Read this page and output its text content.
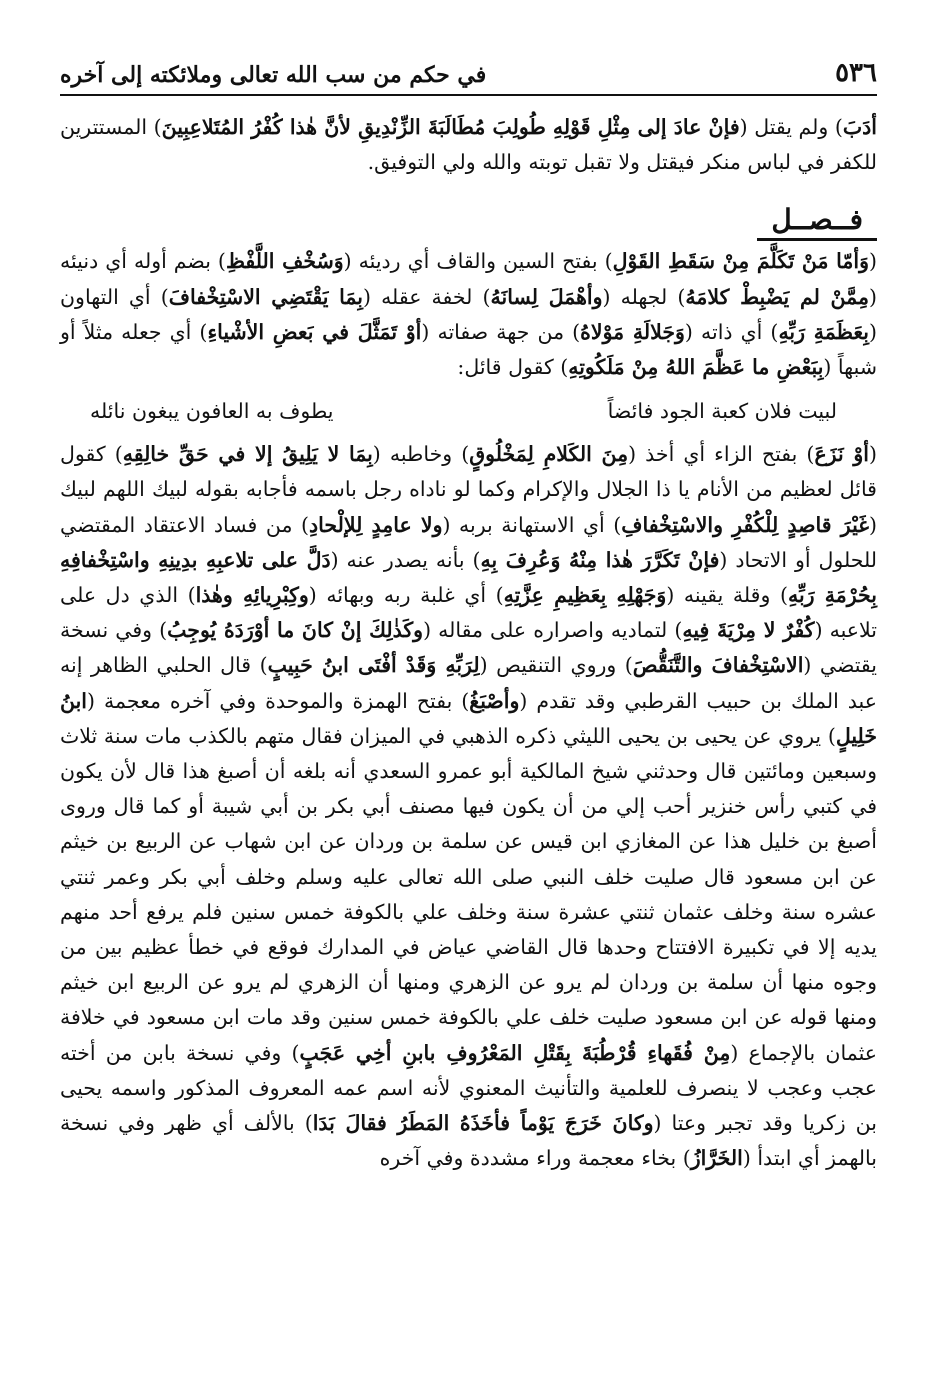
٥٣٦
في حكم من سب الله تعالى وملائكته إلى آخره

أدَبَ) ولم يقتل (فإنْ عادَ إلى مِثْلِ قَوْلِهِ طُولِبَ مُطَالَبَةَ الزِّنْدِيقِ لأنَّ هٰذا كُفْرُ المُتَلاعِبِينَ) المستترين للكفر في لباس منكر فيقتل ولا تقبل توبته والله ولي التوفيق.

فــصــل

(وَأمّا مَنْ تَكَلَّمَ مِنْ سَقَطِ القَوْلِ) بفتح السين والقاف أي رديئه (وَسُخْفِ اللَّفْظِ) بضم أوله أي دنيئه (مِمَّنْ لم يَضْبِطْ كلامَهُ) لجهله (وأهْمَلَ لِسانَهُ) لخفة عقله (بِمَا يَقْتَضِي الاسْتِخْفافَ) أي التهاون (بِعَظَمَةِ رَبِّهِ) أي ذاته (وَجَلالَةِ مَوْلاهُ) من جهة صفاته (أوْ تَمَثَّلَ في بَعضِ الأشْياءِ) أي جعله مثلاً أو شبهاً (بِبَعْضِ ما عَظَّمَ اللهُ مِنْ مَلَكُوتِهِ) كقول قائل:

لبيت فلان كعبة الجود فائضاً
يطوف به العافون يبغون نائله

(أوْ نَزَعَ) بفتح الزاء أي أخذ (مِنَ الكَلامِ لِمَخْلُوقٍ) وخاطبه (بِمَا لا يَلِيقُ إلا في حَقِّ خالِقِهِ) كقول قائل لعظيم من الأنام يا ذا الجلال والإكرام وكما لو ناداه رجل باسمه فأجابه بقوله لبيك اللهم لبيك (غَيْرَ قاصِدٍ لِلْكُفْرِ والاسْتِخْفافِ) أي الاستهانة بربه (ولا عامِدٍ لِلإلْحادِ) من فساد الاعتقاد المقتضي للحلول أو الاتحاد (فإنْ تَكَرَّرَ هٰذا مِنْهُ وَعُرِفَ بِهِ) بأنه يصدر عنه (دَلَّ على تلاعبِهِ بدِينِهِ واسْتِخْفافِهِ بِحُرْمَةِ رَبِّهِ) وقلة يقينه (وَجَهْلِهِ بِعَظِيمِ عِزَّتِهِ) أي غلبة ربه وبهائه (وكِبْرِيائِهِ وهٰذا) الذي دل على تلاعبه (كُفْرٌ لا مِرْيَةَ فِيهِ) لتماديه واصراره على مقاله (وكَذٰلِكَ إنْ كانَ ما أوْرَدَهُ يُوجِبُ) وفي نسخة يقتضي (الاسْتِخْفافَ والتَّنَقُّصَ) وروي التنقيص (لِرَبِّهِ وَقَدْ أفْتَى ابنُ حَبِيبٍ) قال الحلبي الظاهر إنه عبد الملك بن حبيب القرطبي وقد تقدم (وأصْبَغُ) بفتح الهمزة والموحدة وفي آخره معجمة (ابنُ خَلِيلٍ) يروي عن يحيى بن يحيى الليثي ذكره الذهبي في الميزان فقال متهم بالكذب مات سنة ثلاث وسبعين ومائتين قال وحدثني شيخ المالكية أبو عمرو السعدي أنه بلغه أن أصبغ هذا قال لأن يكون في كتبي رأس خنزير أحب إلي من أن يكون فيها مصنف أبي بكر بن أبي شيبة أو كما قال وروى أصبغ بن خليل هذا عن المغازي ابن قيس عن سلمة بن وردان عن ابن شهاب عن الربيع بن خيثم عن ابن مسعود قال صليت خلف النبي صلى الله تعالى عليه وسلم وخلف أبي بكر وعمر ثنتي عشره سنة وخلف عثمان ثنتي عشرة سنة وخلف علي بالكوفة خمس سنين فلم يرفع أحد منهم يديه إلا في تكبيرة الافتتاح وحدها قال القاضي عياض في المدارك فوقع في خطأ عظيم بين من وجوه منها أن سلمة بن وردان لم يرو عن الزهري ومنها أن الزهري لم يرو عن الربيع ابن خيثم ومنها قوله عن ابن مسعود صليت خلف علي بالكوفة خمس سنين وقد مات ابن مسعود في خلافة عثمان بالإجماع (مِنْ فُقَهاءِ قُرْطُبَةَ بِقَتْلِ المَعْرُوفِ بابنِ أخِي عَجَبٍ) وفي نسخة بابن من أخته عجب وعجب لا ينصرف للعلمية والتأنيث المعنوي لأنه اسم عمه المعروف المذكور واسمه يحيى بن زكريا وقد تجبر وعتا (وكانَ خَرَجَ يَوْماً فأخَذَهُ المَطَرُ فقالَ بَدَا) بالألف أي ظهر وفي نسخة بالهمز أي ابتدأ (الخَرَّازُ) بخاء معجمة وراء مشددة وفي آخره
